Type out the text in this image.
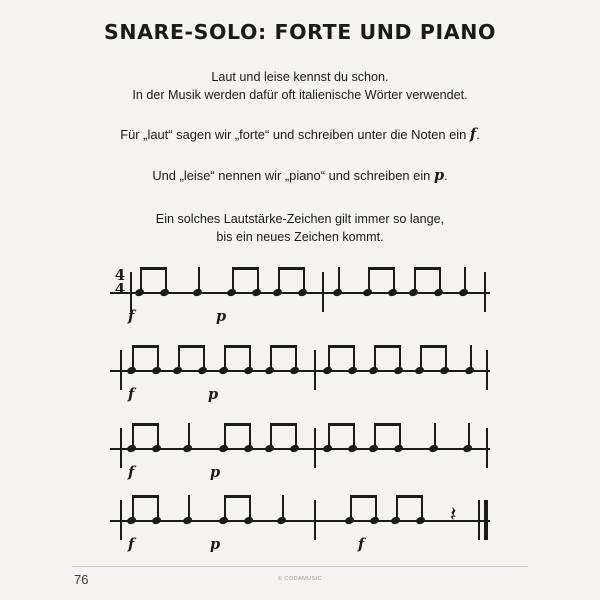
SNARE-SOLO: FORTE UND PIANO
Laut und leise kennst du schon.
In der Musik werden dafür oft italienische Wörter verwendet.
Für „laut“ sagen wir „forte“ und schreiben unter die Noten ein f.
Und „leise“ nennen wir „piano“ und schreiben ein p.
Ein solches Lautstärke-Zeichen gilt immer so lange,
bis ein neues Zeichen kommt.
4
4
f	p
f	p
f	p
𝄽
f	p	f
76	© CODAMUSIC
